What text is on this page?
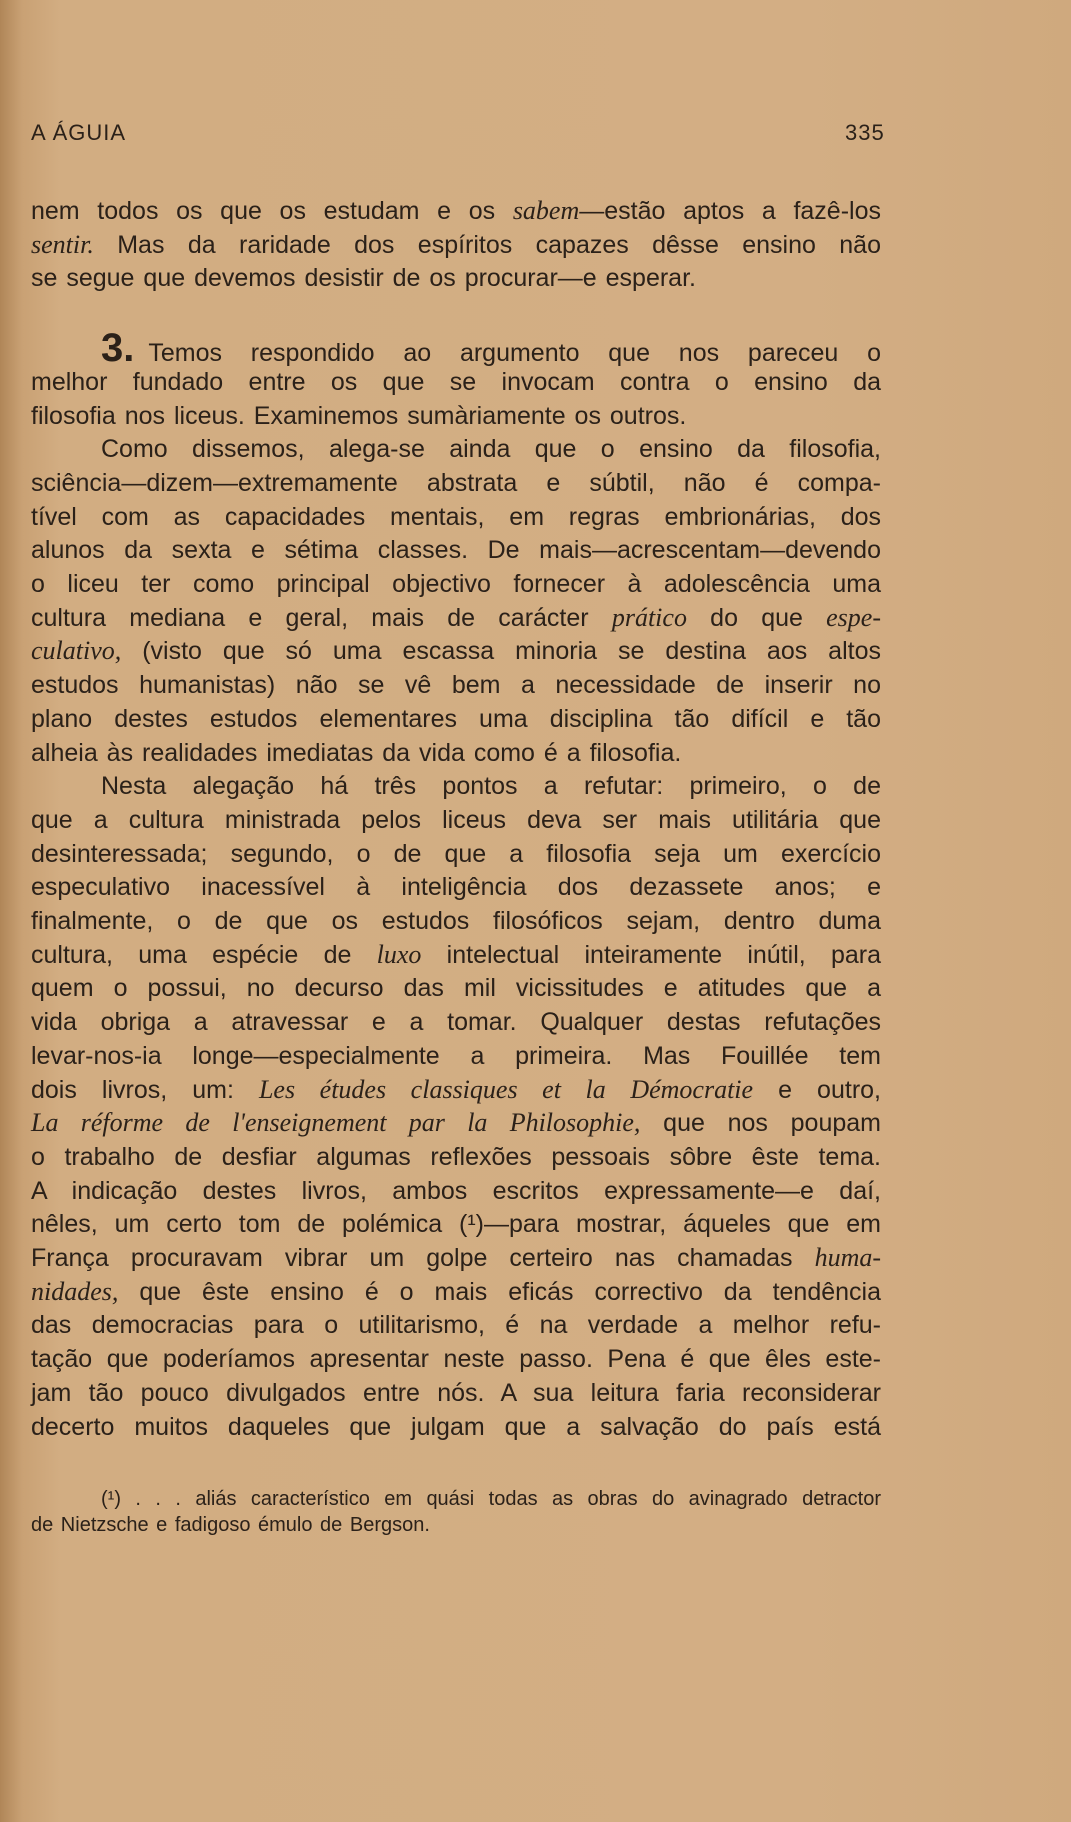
A ÁGUIA	335
nem todos os que os estudam e os sabem—estão aptos a fazê-los
sentir. Mas da raridade dos espíritos capazes dêsse ensino não
se segue que devemos desistir de os procurar—e esperar.
3. Temos respondido ao argumento que nos pareceu o
melhor fundado entre os que se invocam contra o ensino da
filosofia nos liceus. Examinemos sumàriamente os outros.
Como dissemos, alega-se ainda que o ensino da filosofia,
sciência—dizem—extremamente abstrata e súbtil, não é compa-
tível com as capacidades mentais, em regras embrionárias, dos
alunos da sexta e sétima classes. De mais—acrescentam—devendo
o liceu ter como principal objectivo fornecer à adolescência uma
cultura mediana e geral, mais de carácter prático do que espe-
culativo, (visto que só uma escassa minoria se destina aos altos
estudos humanistas) não se vê bem a necessidade de inserir no
plano destes estudos elementares uma disciplina tão difícil e tão
alheia às realidades imediatas da vida como é a filosofia.
Nesta alegação há três pontos a refutar: primeiro, o de
que a cultura ministrada pelos liceus deva ser mais utilitária que
desinteressada; segundo, o de que a filosofia seja um exercício
especulativo inacessível à inteligência dos dezassete anos; e
finalmente, o de que os estudos filosóficos sejam, dentro duma
cultura, uma espécie de luxo intelectual inteiramente inútil, para
quem o possui, no decurso das mil vicissitudes e atitudes que a
vida obriga a atravessar e a tomar. Qualquer destas refutações
levar-nos-ia longe—especialmente a primeira. Mas Fouillée tem
dois livros, um: Les études classiques et la Démocratie e outro,
La réforme de l'enseignement par la Philosophie, que nos poupam
o trabalho de desfiar algumas reflexões pessoais sôbre êste tema.
A indicação destes livros, ambos escritos expressamente—e daí,
nêles, um certo tom de polémica (¹)—para mostrar, áqueles que em
França procuravam vibrar um golpe certeiro nas chamadas huma-
nidades, que êste ensino é o mais eficás correctivo da tendência
das democracias para o utilitarismo, é na verdade a melhor refu-
tação que poderíamos apresentar neste passo. Pena é que êles este-
jam tão pouco divulgados entre nós. A sua leitura faria reconsiderar
decerto muitos daqueles que julgam que a salvação do país está
(¹) . . . aliás característico em quási todas as obras do avinagrado detractor
de Nietzsche e fadigoso émulo de Bergson.
